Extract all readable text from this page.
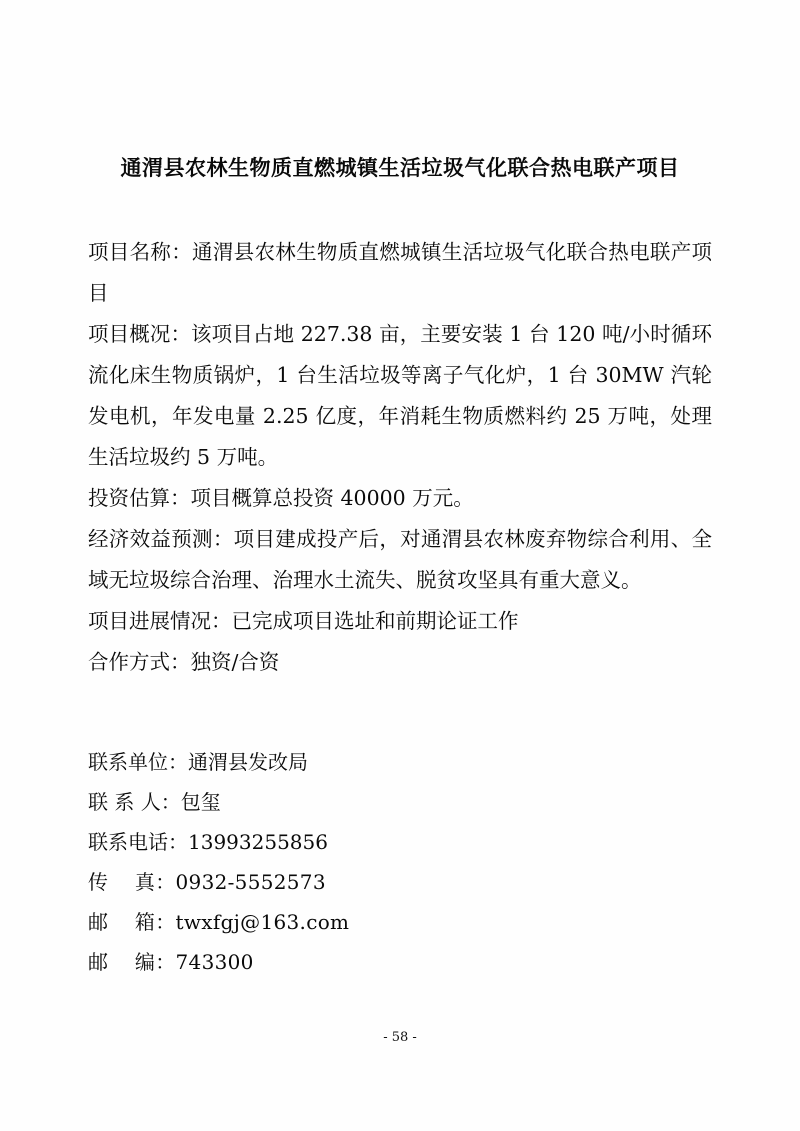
通渭县农林生物质直燃城镇生活垃圾气化联合热电联产项目

项目名称：通渭县农林生物质直燃城镇生活垃圾气化联合热电联产项目

项目概况：该项目占地 227.38 亩，主要安装 1 台 120 吨/小时循环流化床生物质锅炉，1 台生活垃圾等离子气化炉，1 台 30MW 汽轮发电机，年发电量 2.25 亿度，年消耗生物质燃料约 25 万吨，处理生活垃圾约 5 万吨。

投资估算：项目概算总投资 40000 万元。

经济效益预测：项目建成投产后，对通渭县农林废弃物综合利用、全域无垃圾综合治理、治理水土流失、脱贫攻坚具有重大意义。

项目进展情况：已完成项目选址和前期论证工作

合作方式：独资/合资

联系单位：通渭县发改局

联 系 人：包玺

联系电话：13993255856

传    真：0932-5552573

邮    箱：twxfgj@163.com

邮    编：743300

- 58 -
